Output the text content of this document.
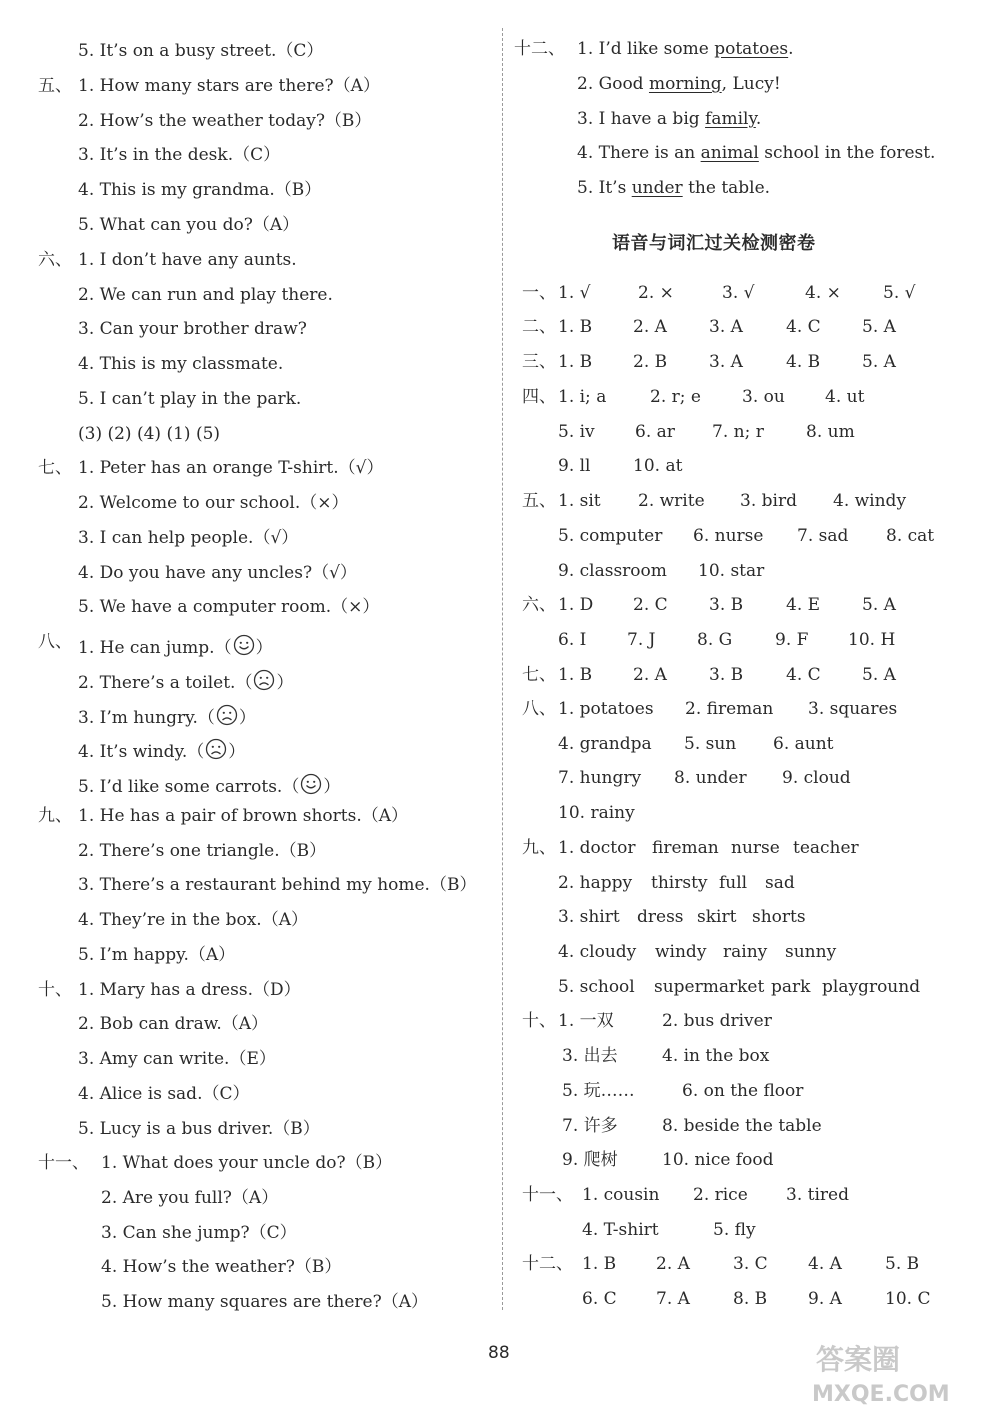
5. It’s on a busy street.（C）
五、 1. How many stars are there?（A）
2. How’s the weather today?（B）
3. It’s in the desk.（C）
4. This is my grandma.（B）
5. What can you do?（A）
六、 1. I don’t have any aunts.
2. We can run and play there.
3. Can your brother draw?
4. This is my classmate.
5. I can’t play in the park.
(3) (2) (4) (1) (5)
七、 1. Peter has an orange T-shirt.（√）
2. Welcome to our school.（×）
3. I can help people.（√）
4. Do you have any uncles?（√）
5. We have a computer room.（×）
八、 1. He can jump.（ ）
2. There’s a toilet.（ ）
3. I’m hungry.（ ）
4. It’s windy.（ ）
5. I’d like some carrots.（ ）
九、 1. He has a pair of brown shorts.（A）
2. There’s one triangle.（B）
3. There’s a restaurant behind my home.（B）
4. They’re in the box.（A）
5. I’m happy.（A）
十、 1. Mary has a dress.（D）
2. Bob can draw.（A）
3. Amy can write.（E）
4. Alice is sad.（C）
5. Lucy is a bus driver.（B）
十一、 1. What does your uncle do?（B）
2. Are you full?（A）
3. Can she jump?（C）
4. How’s the weather?（B）
5. How many squares are there?（A）
十二、 1. I’d like some potatoes.
2. Good morning, Lucy!
3. I have a big family.
4. There is an animal school in the forest.
5. It’s under the table.
语音与词汇过关检测密卷
一、 1. √	2. ×	3. √	4. × 5. √
二、 1. B 2. A 3. A	4. C 5. A
三、 1. B 2. B 3. A	4. B 5. A
四、 1. i; a	2. r; e 3. ou 4. ut
5. iv 6. ar 7. n; r 8. um
9. ll	10. at
五、 1. sit 2. write 3. bird 4. windy
5. computer 6. nurse 7. sad 8. cat
9. classroom 10. star
六、 1. D 2. C 3. B	4. E 5. A
6. I 7. J 8. G	9. F 10. H
七、 1. B 2. A 3. B	4. C 5. A
八、 1. potatoes 2. fireman 3. squares
4. grandpa 5. sun 6. aunt
7. hungry 8. under 9. cloud
10. rainy
九、 1. doctor fireman nurse teacher
2. happy thirsty full sad
3. shirt dress skirt shorts
4. cloudy windy rainy sunny
5. school supermarket park playground
十、 1. 一双	2. bus driver
3. 出去	4. in the box
5. 玩……	6. on the floor
7. 许多	8. beside the table
9. 爬树	10. nice food
十一、 1. cousin 2. rice 3. tired
4. T-shirt	5. fly
十二、 1. B 2. A	3. C 4. A	5. B
6. C 7. A	8. B 9. A	10. C
88	答案圈
MXQE.COM
